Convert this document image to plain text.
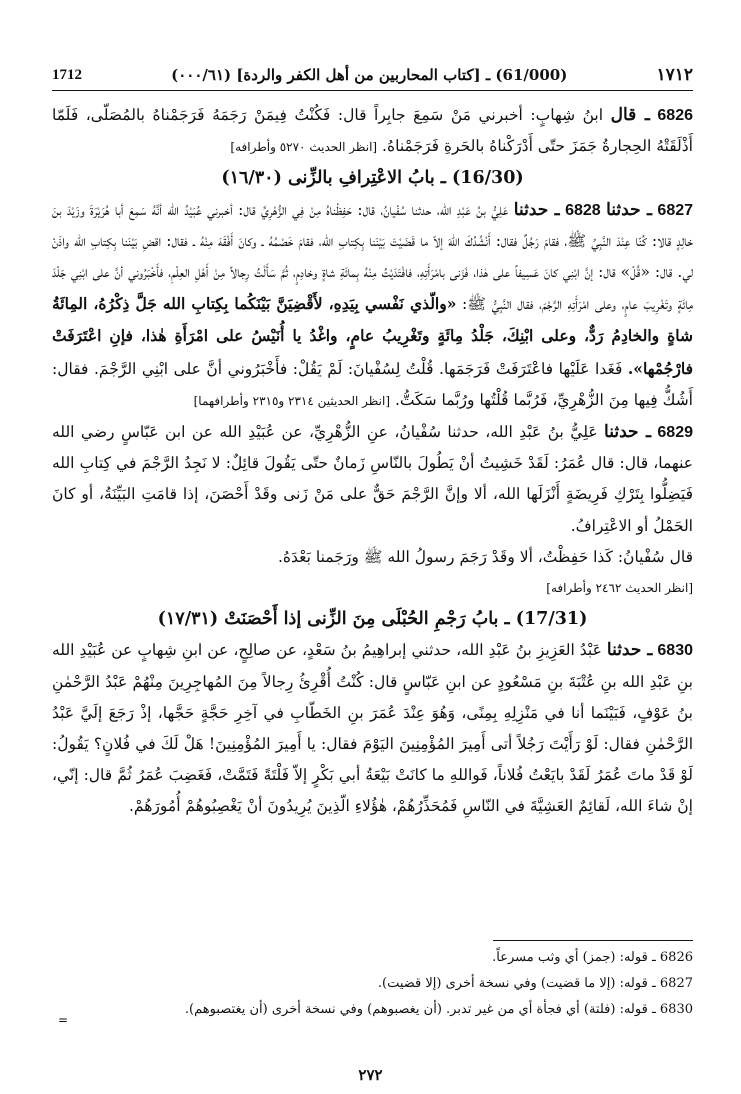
1712	(61/000) ـ [كتاب المحاربين من أهل الكفر والردة] (٠٠٠/٦١)	١٧١٢

6826 ـ قال ابنُ شِهابٍ: أخبرني مَنْ سَمِعَ جابِراً قال: فَكُنْتُ فِيمَنْ رَجَمَهُ فَرَجَمْناهُ بالمُصَلّى، فَلَمّا أَذْلَقَتْهُ الحِجارةُ جَمَزَ حتّى أَدْرَكْناهُ بالحَرةِ فَرَجَمْناهُ. [انظر الحديث ٥٢٧٠ وأطرافه]

(16/30) ـ بابُ الاعْتِرافِ بالزِّنى (١٦/٣٠)

6827 ـ حدثنا 6828 ـ حدثنا عَلِيُّ بنُ عَبْدِ الله، حدثنا سُفْيانُ، قال: حَفِظْناهُ مِنْ فِي الزُّهْرِيِّ قال: أخبرني عُبَيْدُ الله أنَّهُ سَمِعَ أبا هُرَيْرَةَ وزَيْدَ بنَ خالِدٍ قالا: كُنّا عِنْدَ النَّبِيِّ ﷺ، فقامَ رَجُلٌ فقال: أَنْشُدُكَ اللهَ إلاّ ما قَضَيْتَ بَيْنَنا بِكِتابِ الله، فقامَ خَصْمُهُ ـ وكانَ أَفْقَهَ مِنْهُ ـ فقال: اقضِ بَيْنَنا بِكِتابِ الله واذَنْ لي. قال: «قُلْ» قال: إنَّ ابْنِي كانَ عَسِيفاً على هٰذا، فَزَنى بامْرَأَتِهِ، فافْتَدَيْتُ مِنْهُ بِمائَةِ شاةٍ وخادِمٍ، ثُمَّ سَأَلْتُ رِجالاً مِنْ أَهْلِ العِلْمِ، فأَخْبَرُوني أنَّ على ابْنِي جَلْدَ مِائَةٍ وتَغْرِيبَ عامٍ، وعلى امْرَأَتِهِ الرَّجْمَ، فقال النَّبِيُّ ﷺ: «والّذي نَفْسي بِيَدِهِ، لأَقْضِيَنَّ بَيْنَكُما بِكِتابِ الله جَلَّ ذِكْرُهُ، المِائَةُ شاةٍ والخادِمُ رَدٌّ، وعلى ابْنِكَ، جَلْدُ مِائَةٍ وتَغْرِيبُ عامٍ، واغْدُ يا أُنَيْسُ على امْرَأَةِ هٰذا، فإنِ اعْتَرَفَتْ فارْجُمْها». فَغَدا عَلَيْها فاعْتَرَفَتْ فَرَجَمَها. قُلْتُ لِسُفْيانَ: لَمْ يَقُلْ: فأَخْبَرُوني أنَّ على ابْنِي الرَّجْمَ. فقال: أَشُكُّ فِيها مِنَ الزُّهْرِيِّ، فَرُبَّما قُلْتُها ورُبَّما سَكَتُّ. [انظر الحديثين ٢٣١٤ و٢٣١٥ وأطرافهما]

6829 ـ حدثنا عَلِيُّ بنُ عَبْدِ الله، حدثنا سُفْيانُ، عنِ الزُّهْرِيِّ، عن عُبَيْدِ الله عن ابن عَبّاسٍ رضي الله عنهما، قال: قال عُمَرُ: لَقَدْ خَشِيتُ أنْ يَطُولَ بالنّاسِ زَمانٌ حتّى يَقُولَ قائِلٌ: لا نَجِدُ الرَّجْمَ في كِتابِ الله فَيَضِلُّوا بِتَرْكِ فَرِيضَةٍ أَنْزَلَها الله، ألا وإنَّ الرَّجْمَ حَقٌّ على مَنْ زَنى وقَدْ أَحْصَنَ، إذا قامَتِ البَيِّنَةُ، أو كانَ الحَمْلُ أو الاعْتِرافُ.

قال سُفْيانُ: كَذا حَفِظْتُ، ألا وقَدْ رَجَمَ رسولُ الله ﷺ ورَجَمنا بَعْدَهُ.

[انظر الحديث ٢٤٦٢ وأطرافه]

(17/31) ـ بابُ رَجْمِ الحُبْلَى مِنَ الزِّنى إذا أَحْصَنَتْ (١٧/٣١)

6830 ـ حدثنا عَبْدُ العَزِيزِ بنُ عَبْدِ الله، حدثني إبراهِيمُ بنُ سَعْدٍ، عن صالِحٍ، عن ابنِ شِهابٍ عن عُبَيْدِ الله بنِ عَبْدِ الله بنِ عُتْبَةَ بنِ مَسْعُودٍ عن ابنِ عَبّاسٍ قال: كُنْتُ أُقْرِئُ رِجالاً مِنَ المُهاجِرِينَ مِنْهُمْ عَبْدُ الرَّحْمٰنِ بنُ عَوْفٍ، فَبَيْنَما أنا في مَنْزِلِهِ بِمِنًى، وَهُوَ عِنْدَ عُمَرَ بنِ الخَطّابِ في آخِرِ حَجَّةٍ حَجَّها، إذْ رَجَعَ إلَيَّ عَبْدُ الرَّحْمٰنِ فقال: لَوْ رَأَيْتَ رَجُلاً أتى أَمِيرَ المُؤْمِنِينَ اليَوْمَ فقال: يا أَمِيرَ المُؤْمِنِينَ! هَلْ لَكَ في فُلانٍ؟ يَقُولُ: لَوْ قَدْ ماتَ عُمَرُ لَقَدْ بايَعْتُ فُلاناً، فَواللهِ ما كانَتْ بَيْعَةُ أبي بَكْرٍ إلاّ فَلْتَةً فَتَمَّتْ، فَغَضِبَ عُمَرُ ثُمَّ قال: إنّي، إنْ شاءَ الله، لَقائِمٌ العَشِيَّةَ في النّاسِ فَمُحَذِّرُهُمْ، هٰؤُلاءِ الّذِينَ يُرِيدُونَ أنْ يَغْصِبُوهُمْ أُمُورَهُمْ.

6826 ـ قوله: (جمز) أي وثب مسرعاً.

6827 ـ قوله: (إلا ما قضيت) وفي نسخة أخرى (إلا قضيت).

6830 ـ قوله: (فلتة) أي فجأة أي من غير تدبر. (أن يغصبوهم) وفي نسخة أخرى (أن يغتصبوهم).

=
٢٧٢
